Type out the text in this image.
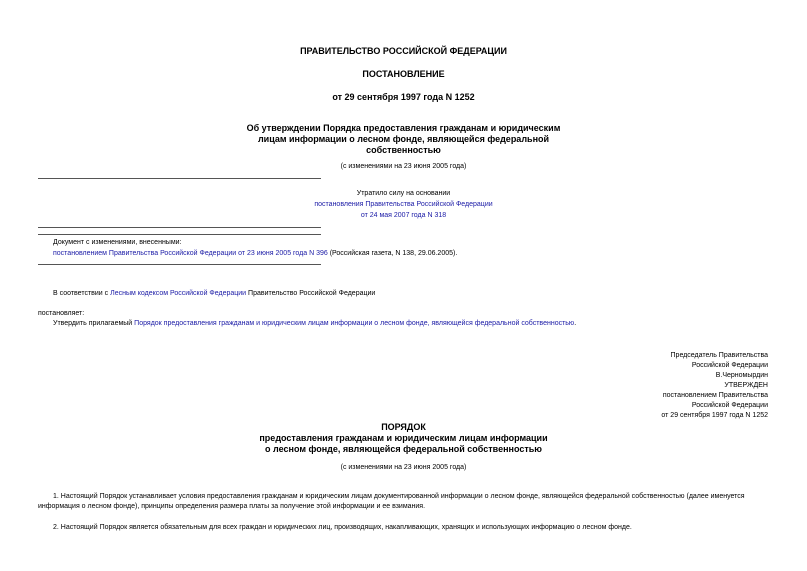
ПРАВИТЕЛЬСТВО РОССИЙСКОЙ ФЕДЕРАЦИИ
ПОСТАНОВЛЕНИЕ
от 29 сентября 1997 года N 1252
Об утверждении Порядка предоставления гражданам и юридическим
лицам информации о лесном фонде, являющейся федеральной
собственностью
(с изменениями на 23 июня 2005 года)
Утратило силу на основании
постановления Правительства Российской Федерации
от 24 мая 2007 года N 318
Документ с изменениями, внесенными:
постановлением Правительства Российской Федерации от 23 июня 2005 года N 396 (Российская газета, N 138, 29.06.2005).
В соответствии с Лесным кодексом Российской Федерации Правительство Российской Федерации
постановляет:
Утвердить прилагаемый Порядок предоставления гражданам и юридическим лицам информации о лесном фонде, являющейся федеральной собственностью.
Председатель Правительства
Российской Федерации
В.Черномырдин
УТВЕРЖДЕН
постановлением Правительства
Российской Федерации
от 29 сентября 1997 года N 1252
ПОРЯДОК
предоставления гражданам и юридическим лицам информации
о лесном фонде, являющейся федеральной собственностью
(с изменениями на 23 июня 2005 года)
1. Настоящий Порядок устанавливает условия предоставления гражданам и юридическим лицам документированной информации о лесном фонде, являющейся федеральной собственностью (далее именуется
информация о лесном фонде), принципы определения размера платы за получение этой информации и ее взимания.
2. Настоящий Порядок является обязательным для всех граждан и юридических лиц, производящих, накапливающих, хранящих и использующих информацию о лесном фонде.
